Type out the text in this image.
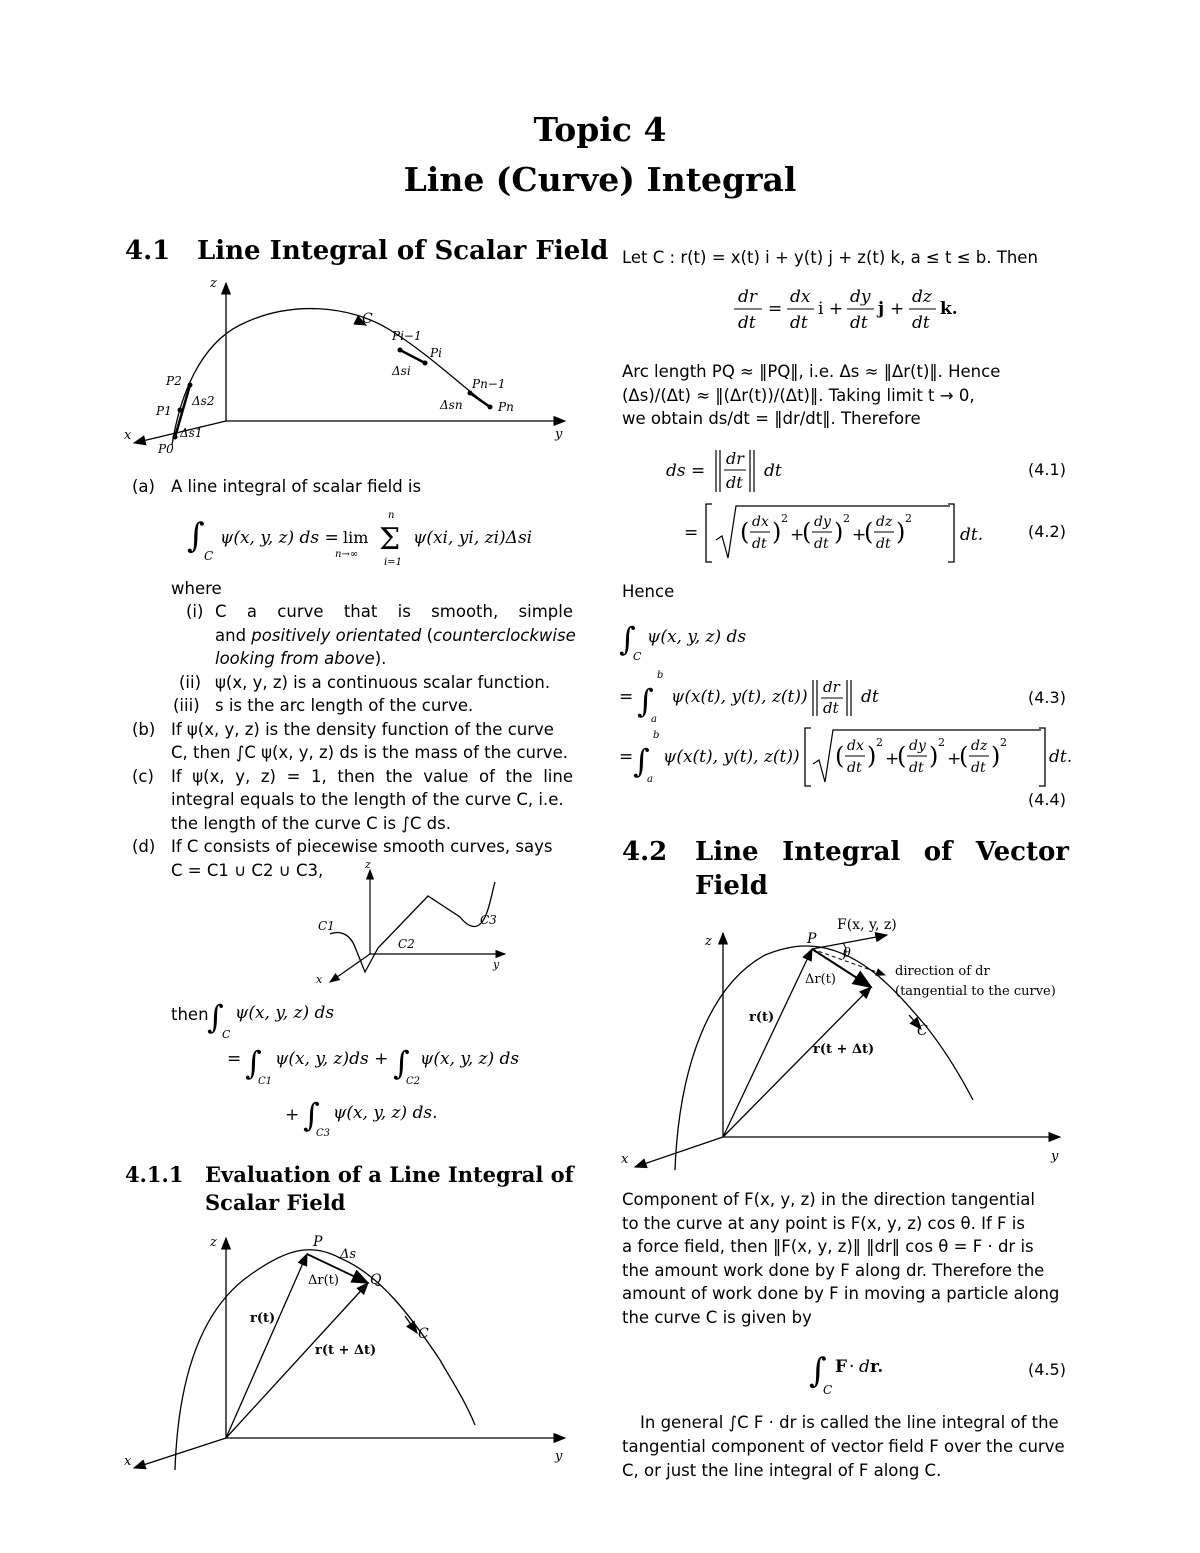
Topic 4
Line (Curve) Integral
4.1 Line Integral of Scalar Field
z
x	y
C
Pi−1
Pi
Δsi
Pn−1
Δsn	Pn
P2
Δs2
P1
Δs1
P0
(a) A line integral of scalar field is
∫ C
ψ(x, y, z) ds = lim
n→∞ Σ
n
i=1
ψ(xi, yi, zi)Δsi
where
(i) C a curve that is smooth, simple
and positively orientated (counterclockwise
looking from above).
(ii) ψ(x, y, z) is a continuous scalar function.
(iii) s is the arc length of the curve.
(b) If ψ(x, y, z) is the density function of the curve
C, then ∫C ψ(x, y, z) ds is the mass of the curve.
(c) If ψ(x, y, z) = 1, then the value of the line
integral equals to the length of the curve C, i.e.
the length of the curve C is ∫C ds.
(d) If C consists of piecewise smooth curves, says
C = C1 ∪ C2 ∪ C3,	z
x
y
C1
C2
C3
then
∫
C
ψ(x, y, z) ds
= ∫
C1
ψ(x, y, z)ds + ∫
C2
ψ(x, y, z) ds
+ ∫
C3
ψ(x, y, z) ds.
4.1.1 Evaluation of a Line Integral of
Scalar Field
z
x	y
P
Δs
Δr(t) Q
r(t)
r(t + Δt)
C
Let C : r(t) = x(t) i + y(t) j + z(t) k, a ≤ t ≤ b. Then
dr
dt
=
dx
dt
i +
dy
dt
j +
dz
dt
k.
Arc length PQ ≈ ‖PQ‖, i.e. Δs ≈ ‖Δr(t)‖. Hence
(Δs)/(Δt) ≈ ‖(Δr(t))/(Δt)‖. Taking limit t → 0,
we obtain ds/dt = ‖dr/dt‖. Therefore
ds =
dr
dt
dt
= ( dx
dt ) 2
+
( dy
dt ) 2
+
( dz
dt ) 2
dt.
(4.1)
(4.2)
Hence
∫
C
ψ(x, y, z) ds
= ∫
b
a
ψ(x(t), y(t), z(t)) dr
dt
dt
= ∫
b
a
ψ(x(t), y(t), z(t)) ( dx
dt ) 2
+
( dy
dt ) 2
+
( dz
dt ) 2
dt.
(4.3)
(4.4)
4.2 Line Integral of Vector
Field
z
x	y
F(x, y, z)
P
θ
direction of dr
(tangential to the curve)
Δr(t)
r(t)
r(t + Δt)
C
Component of F(x, y, z) in the direction tangential
to the curve at any point is F(x, y, z) cos θ. If F is
a force field, then ‖F(x, y, z)‖ ‖dr‖ cos θ = F · dr is
the amount work done by F along dr. Therefore the
amount of work done by F in moving a particle along
the curve C is given by
∫
C
F · d r.	(4.5)
In general ∫C F · dr is called the line integral of the
tangential component of vector field F over the curve
C, or just the line integral of F along C.
